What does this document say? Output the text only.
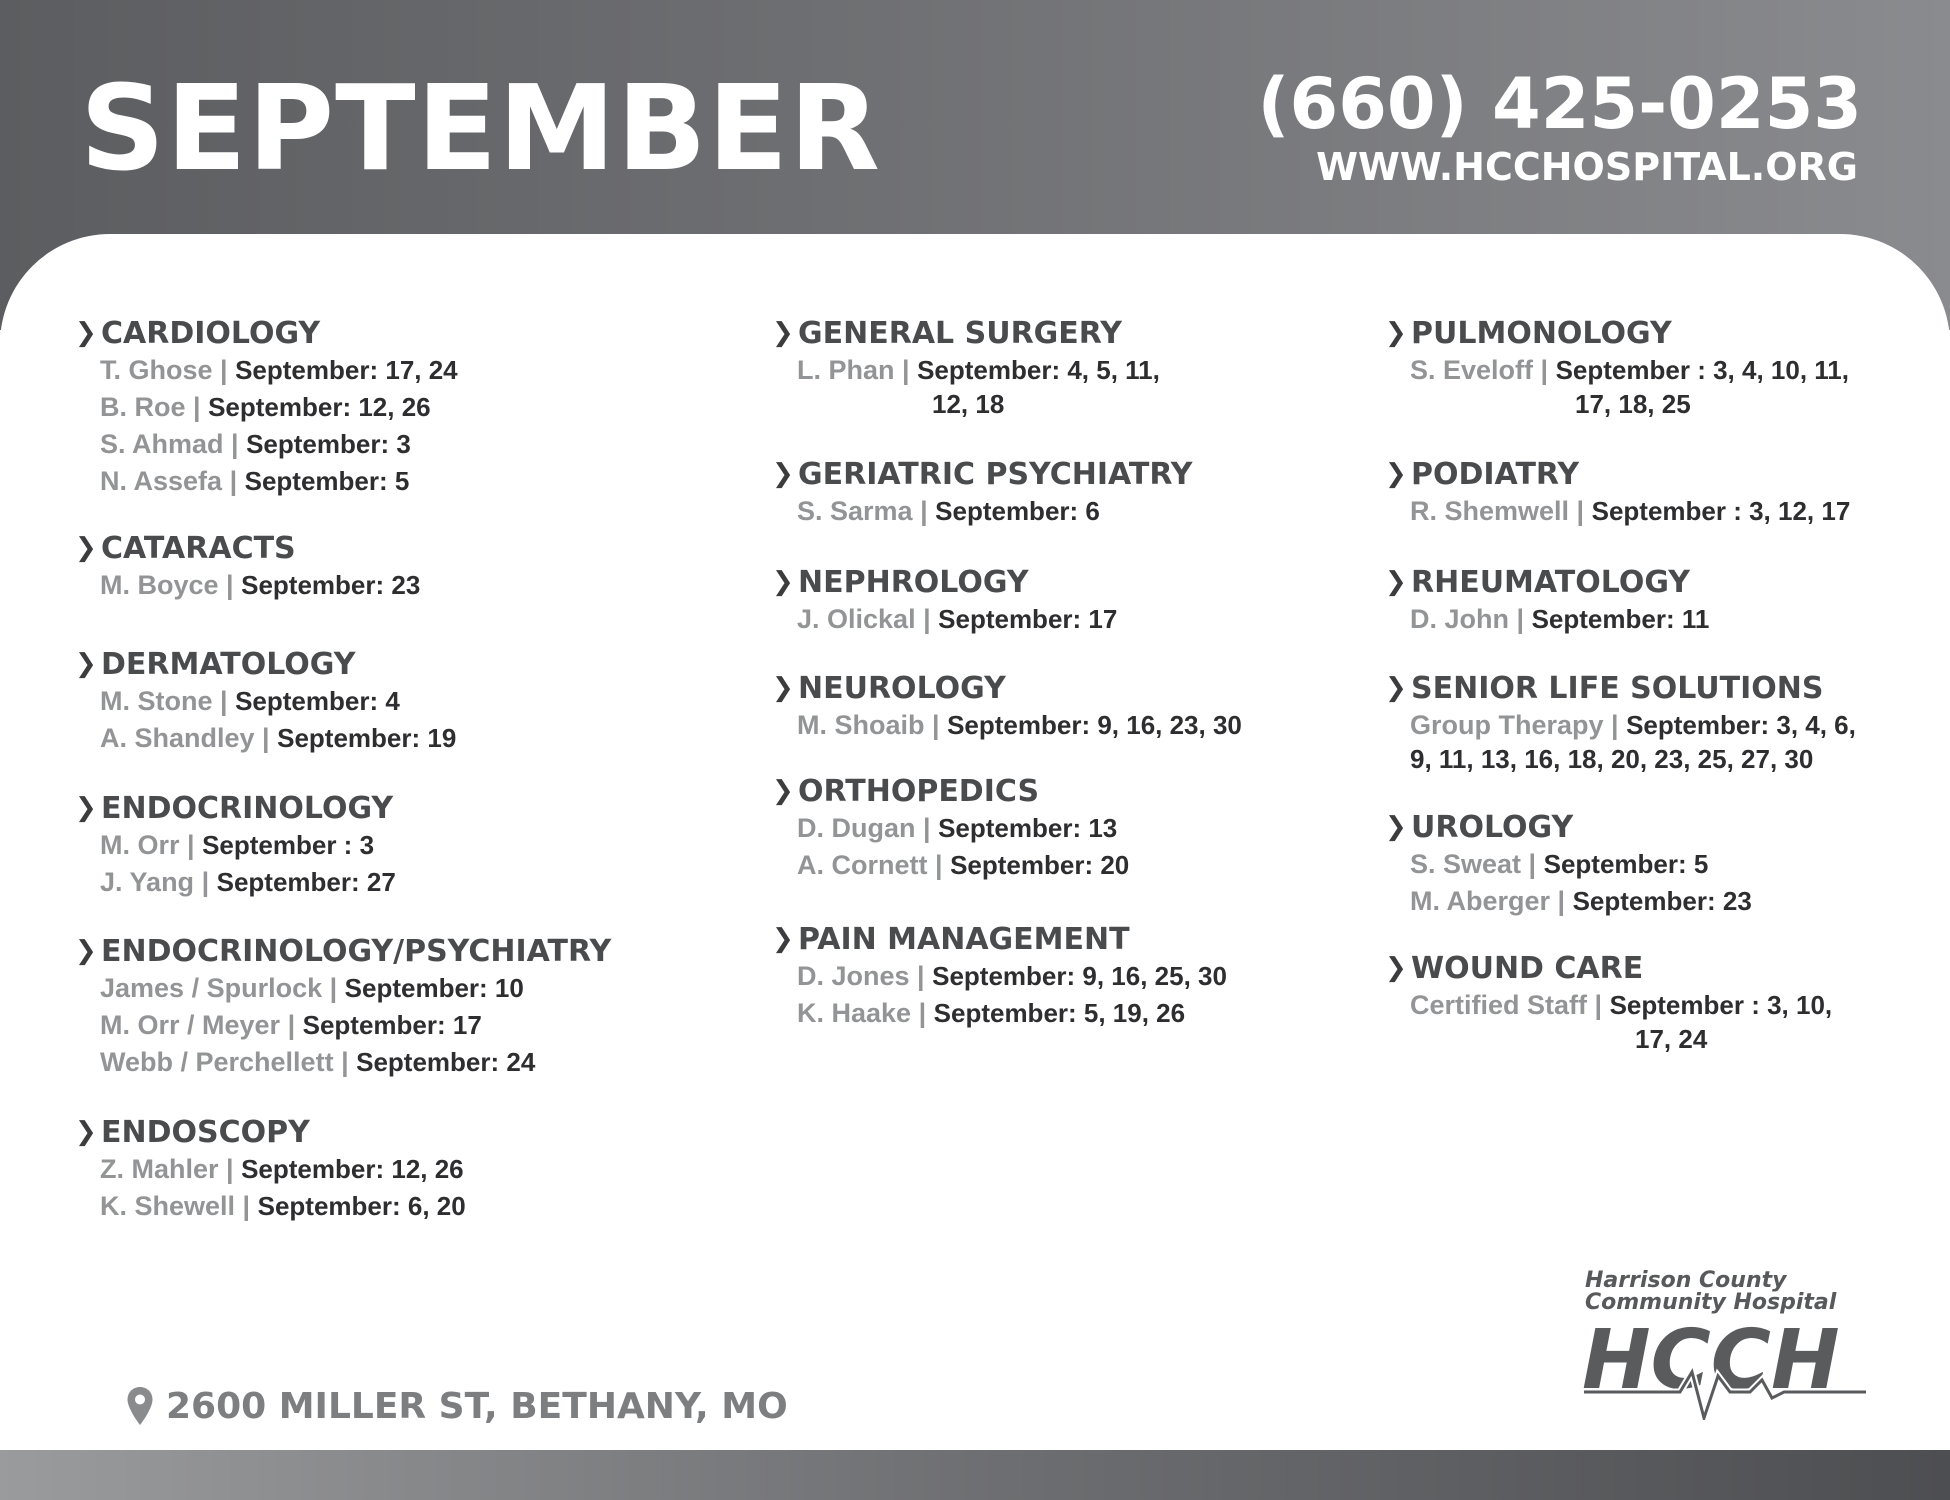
SEPTEMBER	(660) 425-0253
WWW.HCCHOSPITAL.ORG
❯ CARDIOLOGY
T. Ghose | September: 17, 24
B. Roe | September: 12, 26
S. Ahmad | September: 3
N. Assefa | September: 5
❯ CATARACTS
M. Boyce | September: 23
❯ DERMATOLOGY
M. Stone | September: 4
A. Shandley | September: 19
❯ ENDOCRINOLOGY
M. Orr | September : 3
J. Yang | September: 27
❯ ENDOCRINOLOGY/PSYCHIATRY
James / Spurlock | September: 10
M. Orr / Meyer | September: 17
Webb / Perchellett | September: 24
❯ ENDOSCOPY
Z. Mahler | September: 12, 26
K. Shewell | September: 6, 20
❯ GENERAL SURGERY
L. Phan | September: 4, 5, 11,
12, 18
❯ GERIATRIC PSYCHIATRY
S. Sarma | September: 6
❯ NEPHROLOGY
J. Olickal | September: 17
❯ NEUROLOGY
M. Shoaib | September: 9, 16, 23, 30
❯ ORTHOPEDICS
D. Dugan | September: 13
A. Cornett | September: 20
❯ PAIN MANAGEMENT
D. Jones | September: 9, 16, 25, 30
K. Haake | September: 5, 19, 26
❯ PULMONOLOGY
S. Eveloff | September : 3, 4, 10, 11,
17, 18, 25
❯ PODIATRY
R. Shemwell | September : 3, 12, 17
❯ RHEUMATOLOGY
D. John | September: 11
❯ SENIOR LIFE SOLUTIONS
Group Therapy | September: 3, 4, 6,
9, 11, 13, 16, 18, 20, 23, 25, 27, 30
❯ UROLOGY
S. Sweat | September: 5
M. Aberger | September: 23
❯ WOUND CARE
Certified Staff | September : 3, 10,
17, 24
2600 MILLER ST, BETHANY, MO
Harrison County
Community Hospital
HCCH
